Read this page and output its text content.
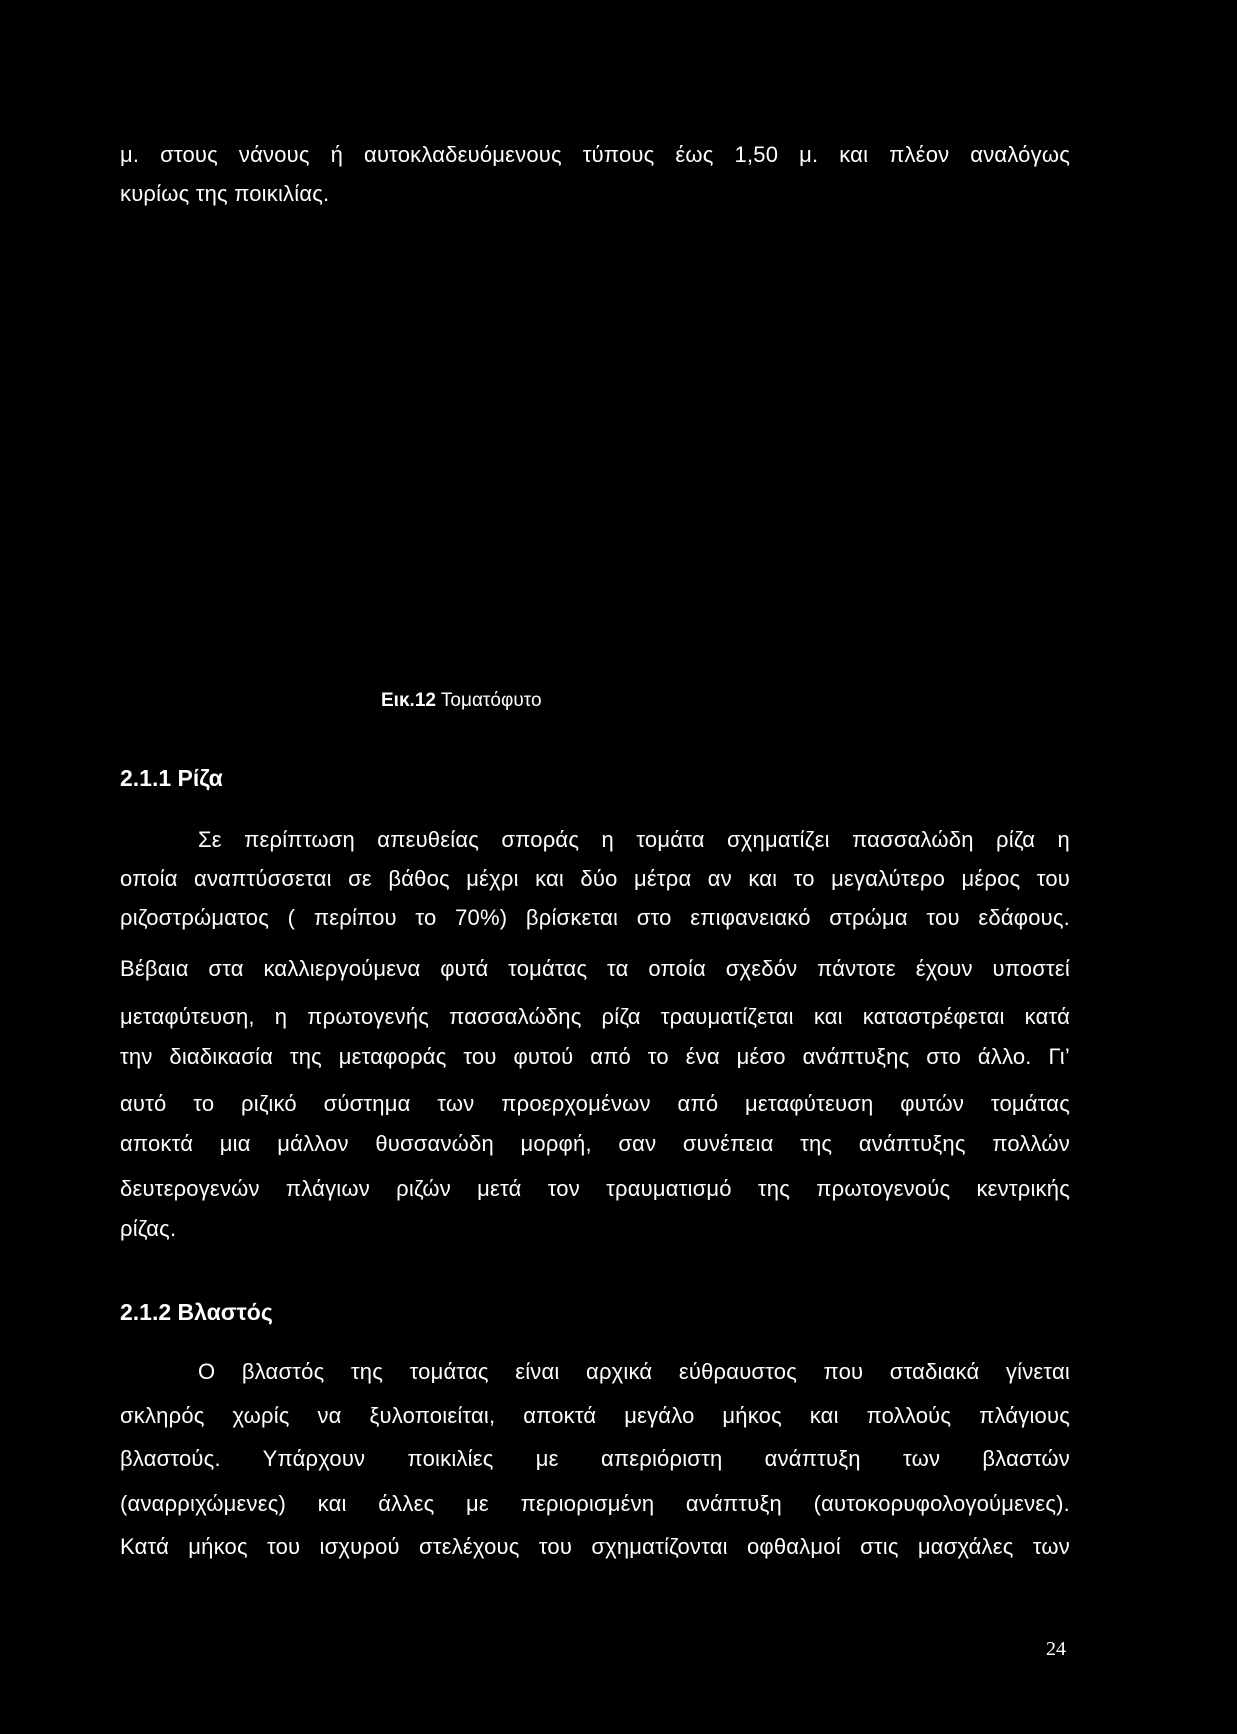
μ. στους νάνους ή αυτοκλαδευόμενους τύπους έως 1,50 μ. και πλέον αναλόγως
κυρίως της ποικιλίας.
Εικ.12 Τοματόφυτο
2.1.1 Ρίζα
Σε περίπτωση απευθείας σποράς η τομάτα σχηματίζει πασσαλώδη ρίζα η
οποία αναπτύσσεται σε βάθος μέχρι και δύο μέτρα αν και το μεγαλύτερο μέρος του
ριζοστρώματος ( περίπου το 70%) βρίσκεται στο επιφανειακό στρώμα του εδάφους.
Βέβαια στα καλλιεργούμενα φυτά τομάτας τα οποία σχεδόν πάντοτε έχουν υποστεί
μεταφύτευση, η πρωτογενής πασσαλώδης ρίζα τραυματίζεται και καταστρέφεται κατά
την διαδικασία της μεταφοράς του φυτού από το ένα μέσο ανάπτυξης στο άλλο. Γι’
αυτό το ριζικό σύστημα των προερχομένων από μεταφύτευση φυτών τομάτας
αποκτά μια μάλλον θυσσανώδη μορφή, σαν συνέπεια της ανάπτυξης πολλών
δευτερογενών πλάγιων ριζών μετά τον τραυματισμό της πρωτογενούς κεντρικής
ρίζας.
2.1.2 Βλαστός
Ο βλαστός της τομάτας είναι αρχικά εύθραυστος που σταδιακά γίνεται
σκληρός χωρίς να ξυλοποιείται, αποκτά μεγάλο μήκος και πολλούς πλάγιους
βλαστούς. Υπάρχουν ποικιλίες με απεριόριστη ανάπτυξη των βλαστών
(αναρριχώμενες) και άλλες με περιορισμένη ανάπτυξη (αυτοκορυφολογούμενες).
Κατά μήκος του ισχυρού στελέχους του σχηματίζονται οφθαλμοί στις μασχάλες των
24
